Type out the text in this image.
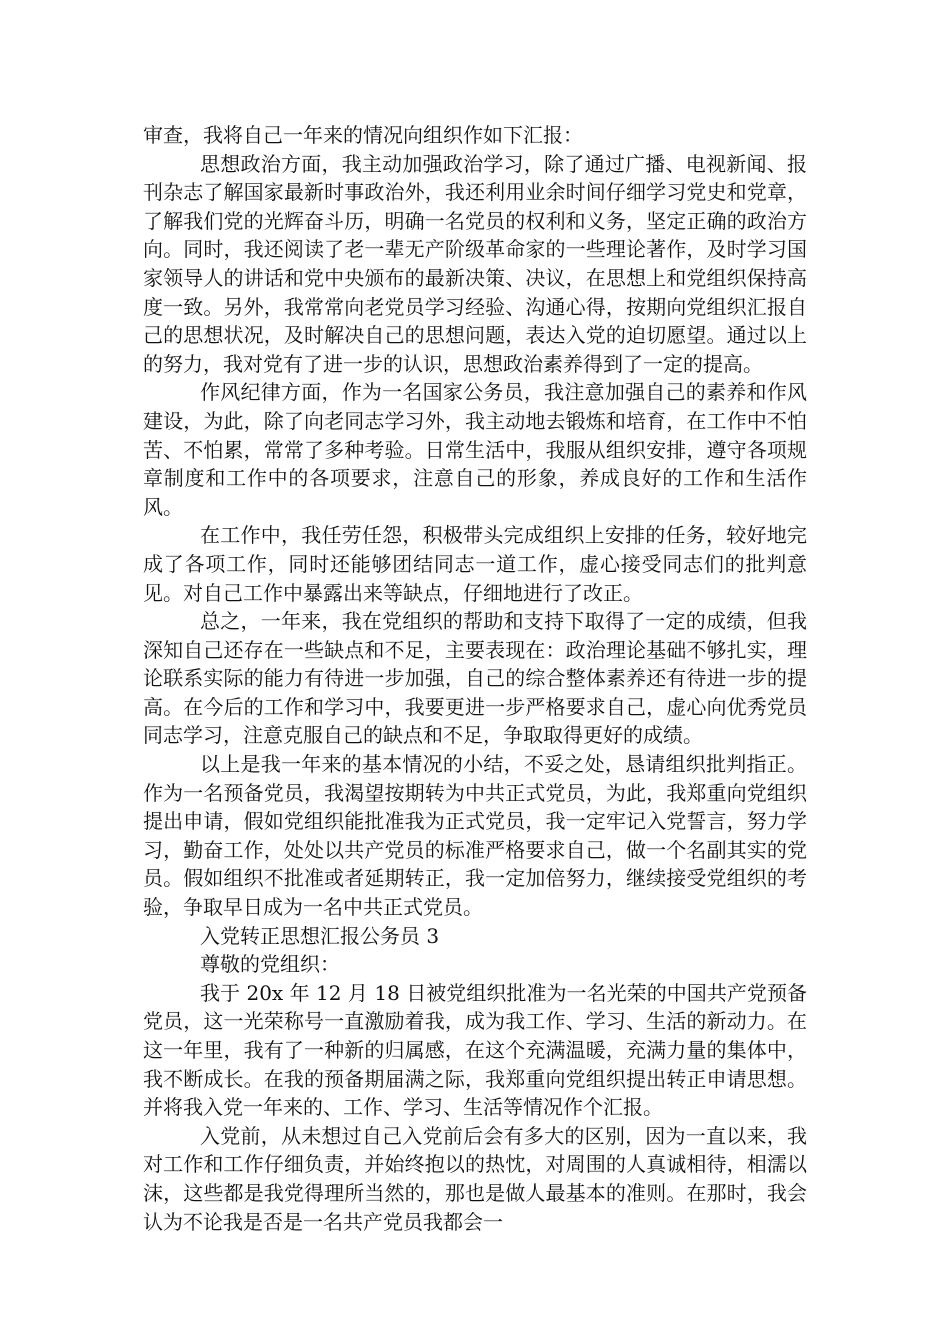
审查，我将自己一年来的情况向组织作如下汇报：

思想政治方面，我主动加强政治学习，除了通过广播、电视新闻、报刊杂志了解国家最新时事政治外，我还利用业余时间仔细学习党史和党章，了解我们党的光辉奋斗历，明确一名党员的权利和义务，坚定正确的政治方向。同时，我还阅读了老一辈无产阶级革命家的一些理论著作，及时学习国家领导人的讲话和党中央颁布的最新决策、决议，在思想上和党组织保持高度一致。另外，我常常向老党员学习经验、沟通心得，按期向党组织汇报自己的思想状况，及时解决自己的思想问题，表达入党的迫切愿望。通过以上的努力，我对党有了进一步的认识，思想政治素养得到了一定的提高。

作风纪律方面，作为一名国家公务员，我注意加强自己的素养和作风建设，为此，除了向老同志学习外，我主动地去锻炼和培育，在工作中不怕苦、不怕累，常常了多种考验。日常生活中，我服从组织安排，遵守各项规章制度和工作中的各项要求，注意自己的形象，养成良好的工作和生活作风。

在工作中，我任劳任怨，积极带头完成组织上安排的任务，较好地完成了各项工作，同时还能够团结同志一道工作，虚心接受同志们的批判意见。对自己工作中暴露出来等缺点，仔细地进行了改正。

总之，一年来，我在党组织的帮助和支持下取得了一定的成绩，但我深知自己还存在一些缺点和不足，主要表现在：政治理论基础不够扎实，理论联系实际的能力有待进一步加强，自己的综合整体素养还有待进一步的提高。在今后的工作和学习中，我要更进一步严格要求自己，虚心向优秀党员同志学习，注意克服自己的缺点和不足，争取取得更好的成绩。

以上是我一年来的基本情况的小结，不妥之处，恳请组织批判指正。作为一名预备党员，我渴望按期转为中共正式党员，为此，我郑重向党组织提出申请，假如党组织能批准我为正式党员，我一定牢记入党誓言，努力学习，勤奋工作，处处以共产党员的标准严格要求自己，做一个名副其实的党员。假如组织不批准或者延期转正，我一定加倍努力，继续接受党组织的考验，争取早日成为一名中共正式党员。

入党转正思想汇报公务员 3

尊敬的党组织：

我于 20x 年 12 月 18 日被党组织批准为一名光荣的中国共产党预备党员，这一光荣称号一直激励着我，成为我工作、学习、生活的新动力。在这一年里，我有了一种新的归属感，在这个充满温暖，充满力量的集体中，我不断成长。在我的预备期届满之际，我郑重向党组织提出转正申请思想。并将我入党一年来的、工作、学习、生活等情况作个汇报。

入党前，从未想过自己入党前后会有多大的区别，因为一直以来，我对工作和工作仔细负责，并始终抱以的热忱，对周围的人真诚相待，相濡以沫，这些都是我党得理所当然的，那也是做人最基本的准则。在那时，我会认为不论我是否是一名共产党员我都会一
